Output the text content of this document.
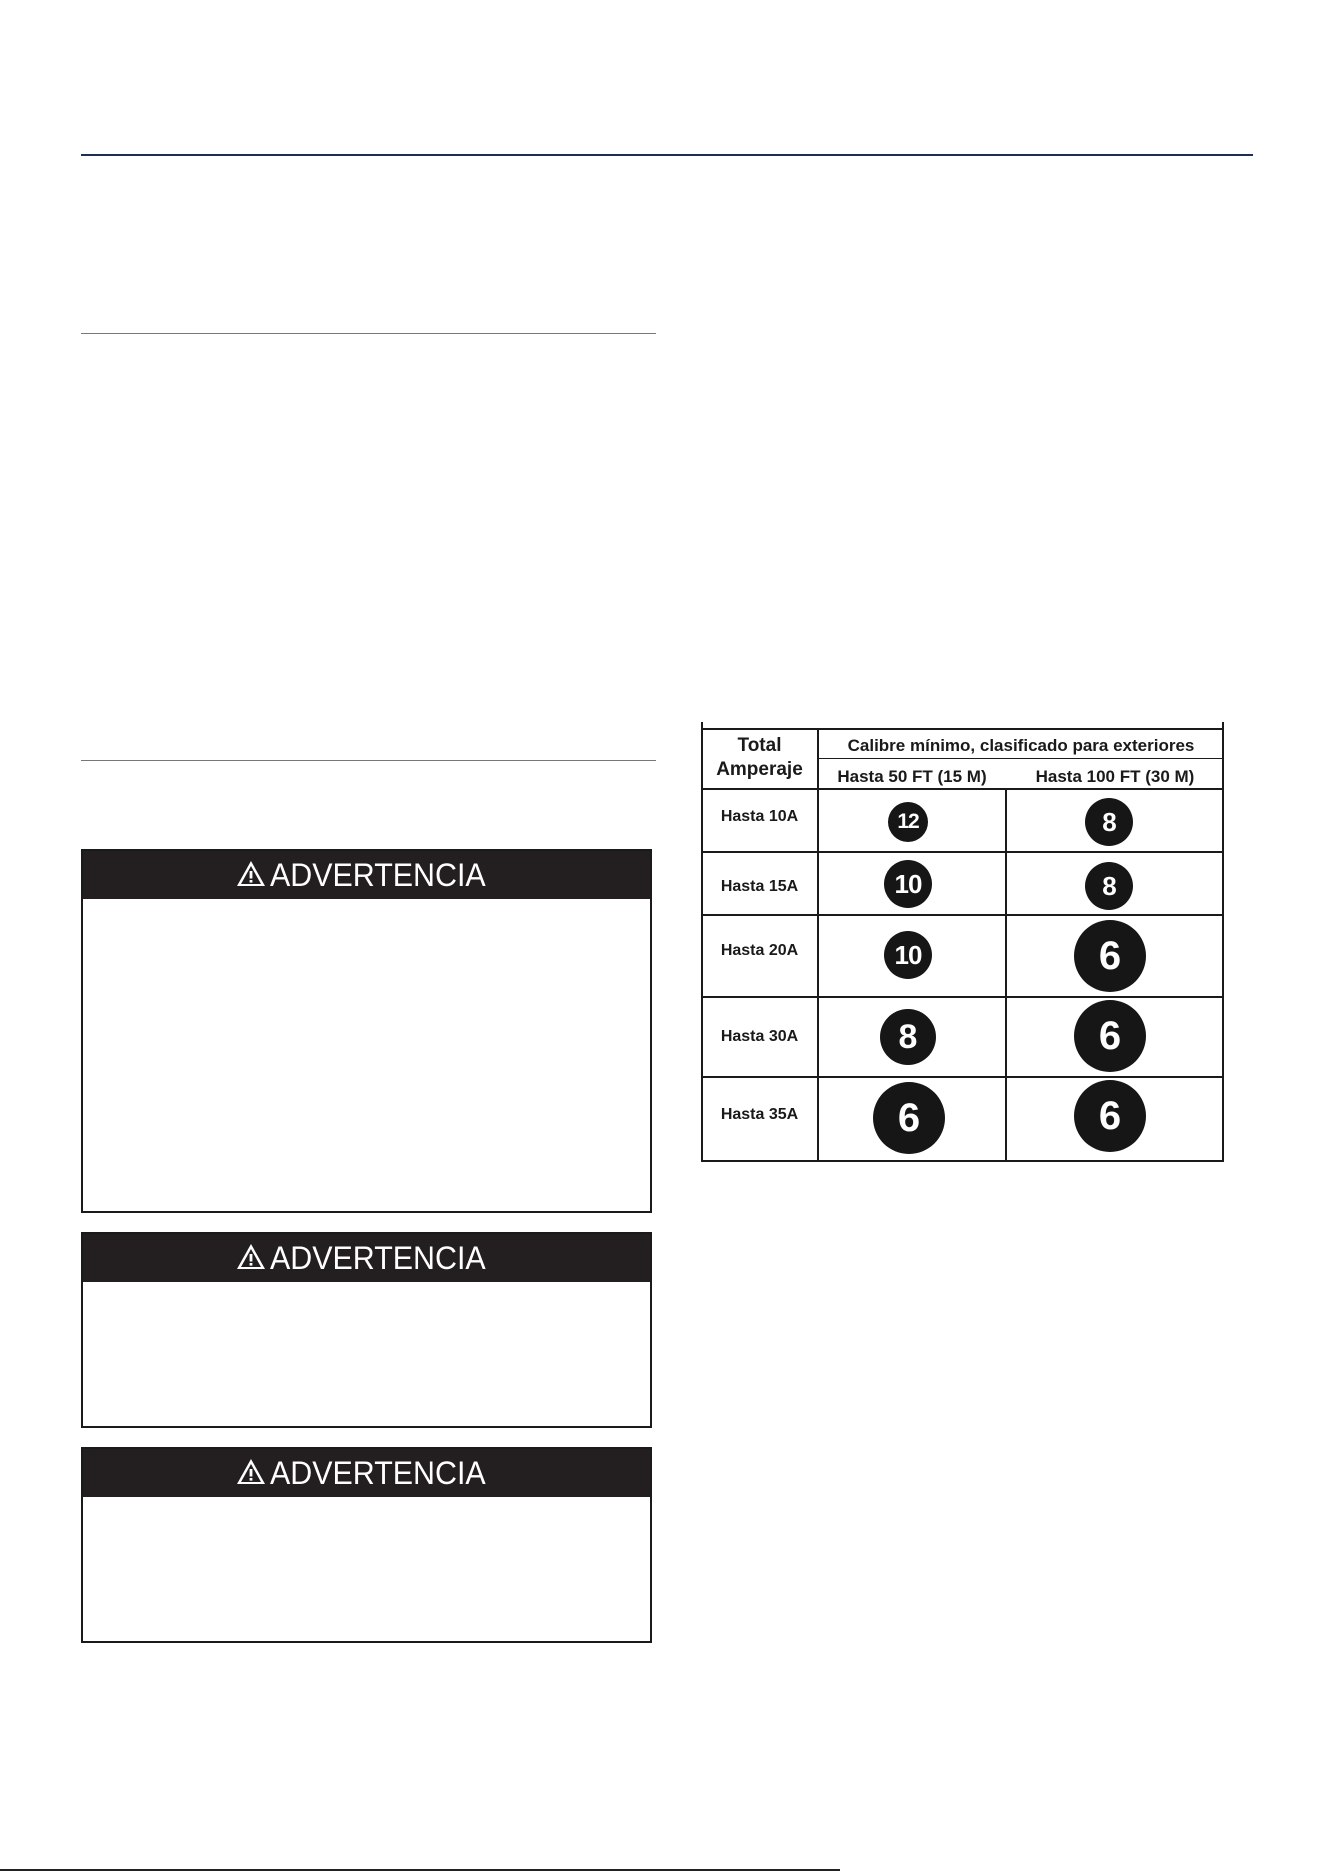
ADVERTENCIA
ADVERTENCIA
ADVERTENCIA
Total
Amperaje
Calibre mínimo, clasificado para exteriores
Hasta 50 FT (15 M)	Hasta 100 FT (30 M)
Hasta 10A	12	8
Hasta 15A	10	8
Hasta 20A	10	6
Hasta 30A	8	6
Hasta 35A	6	6
